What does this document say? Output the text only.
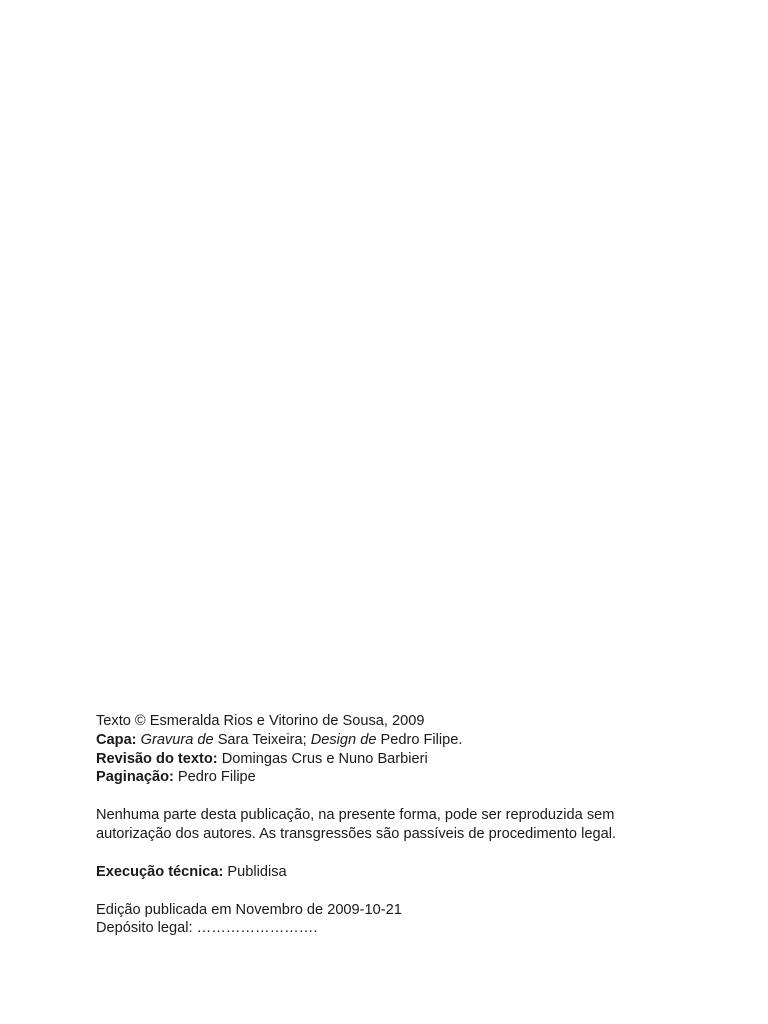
Texto © Esmeralda Rios e Vitorino de Sousa, 2009

Capa: Gravura de Sara Teixeira; Design de Pedro Filipe.

Revisão do texto: Domingas Crus e Nuno Barbieri

Paginação: Pedro Filipe

Nenhuma parte desta publicação, na presente forma, pode ser reproduzida sem

autorização dos autores. As transgressões são passíveis de procedimento legal.

Execução técnica: Publidisa

Edição publicada em Novembro de 2009-10-21

Depósito legal: …………………….
